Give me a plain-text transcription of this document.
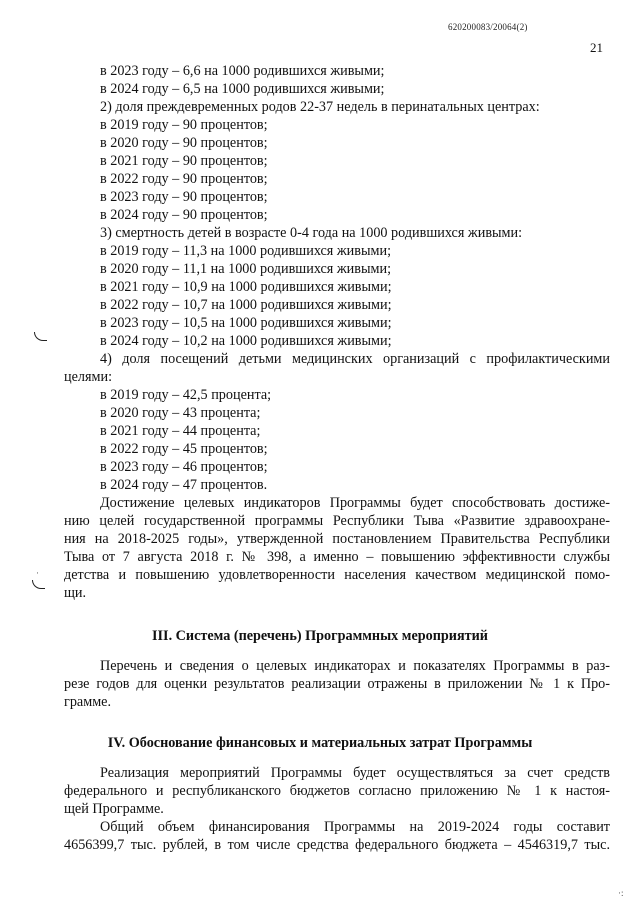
620200083/20064(2)
21
в 2023 году – 6,6 на 1000 родившихся живыми;
в 2024 году – 6,5 на 1000 родившихся живыми;
2) доля преждевременных родов 22-37 недель в перинатальных центрах:
в 2019 году – 90 процентов;
в 2020 году – 90 процентов;
в 2021 году – 90 процентов;
в 2022 году – 90 процентов;
в 2023 году – 90 процентов;
в 2024 году – 90 процентов;
3) смертность детей в возрасте 0-4 года на 1000 родившихся живыми:
в 2019 году – 11,3 на 1000 родившихся живыми;
в 2020 году – 11,1 на 1000 родившихся живыми;
в 2021 году – 10,9 на 1000 родившихся живыми;
в 2022 году – 10,7 на 1000 родившихся живыми;
в 2023 году – 10,5 на 1000 родившихся живыми;
в 2024 году – 10,2 на 1000 родившихся живыми;
4) доля посещений детьми медицинских организаций с профилактическими
целями:
в 2019 году – 42,5 процента;
в 2020 году – 43 процента;
в 2021 году – 44 процента;
в 2022 году – 45 процентов;
в 2023 году – 46 процентов;
в 2024 году – 47 процентов.
Достижение целевых индикаторов Программы будет способствовать достиже-
нию целей государственной программы Республики Тыва «Развитие здравоохране-
ния на 2018-2025 годы», утвержденной постановлением Правительства Республики
Тыва от 7 августа 2018 г. № 398, а именно – повышению эффективности службы
детства и повышению удовлетворенности населения качеством медицинской помо-
щи.
III. Система (перечень) Программных мероприятий
Перечень и сведения о целевых индикаторах и показателях Программы в раз-
резе годов для оценки результатов реализации отражены в приложении № 1 к Про-
грамме.
IV. Обоснование финансовых и материальных затрат Программы
Реализация мероприятий Программы будет осуществляться за счет средств
федерального и республиканского бюджетов согласно приложению № 1 к настоя-
щей Программе.
Общий объем финансирования Программы на 2019-2024 годы составит
4656399,7 тыс. рублей, в том числе средства федерального бюджета – 4546319,7 тыс.
·
·:
